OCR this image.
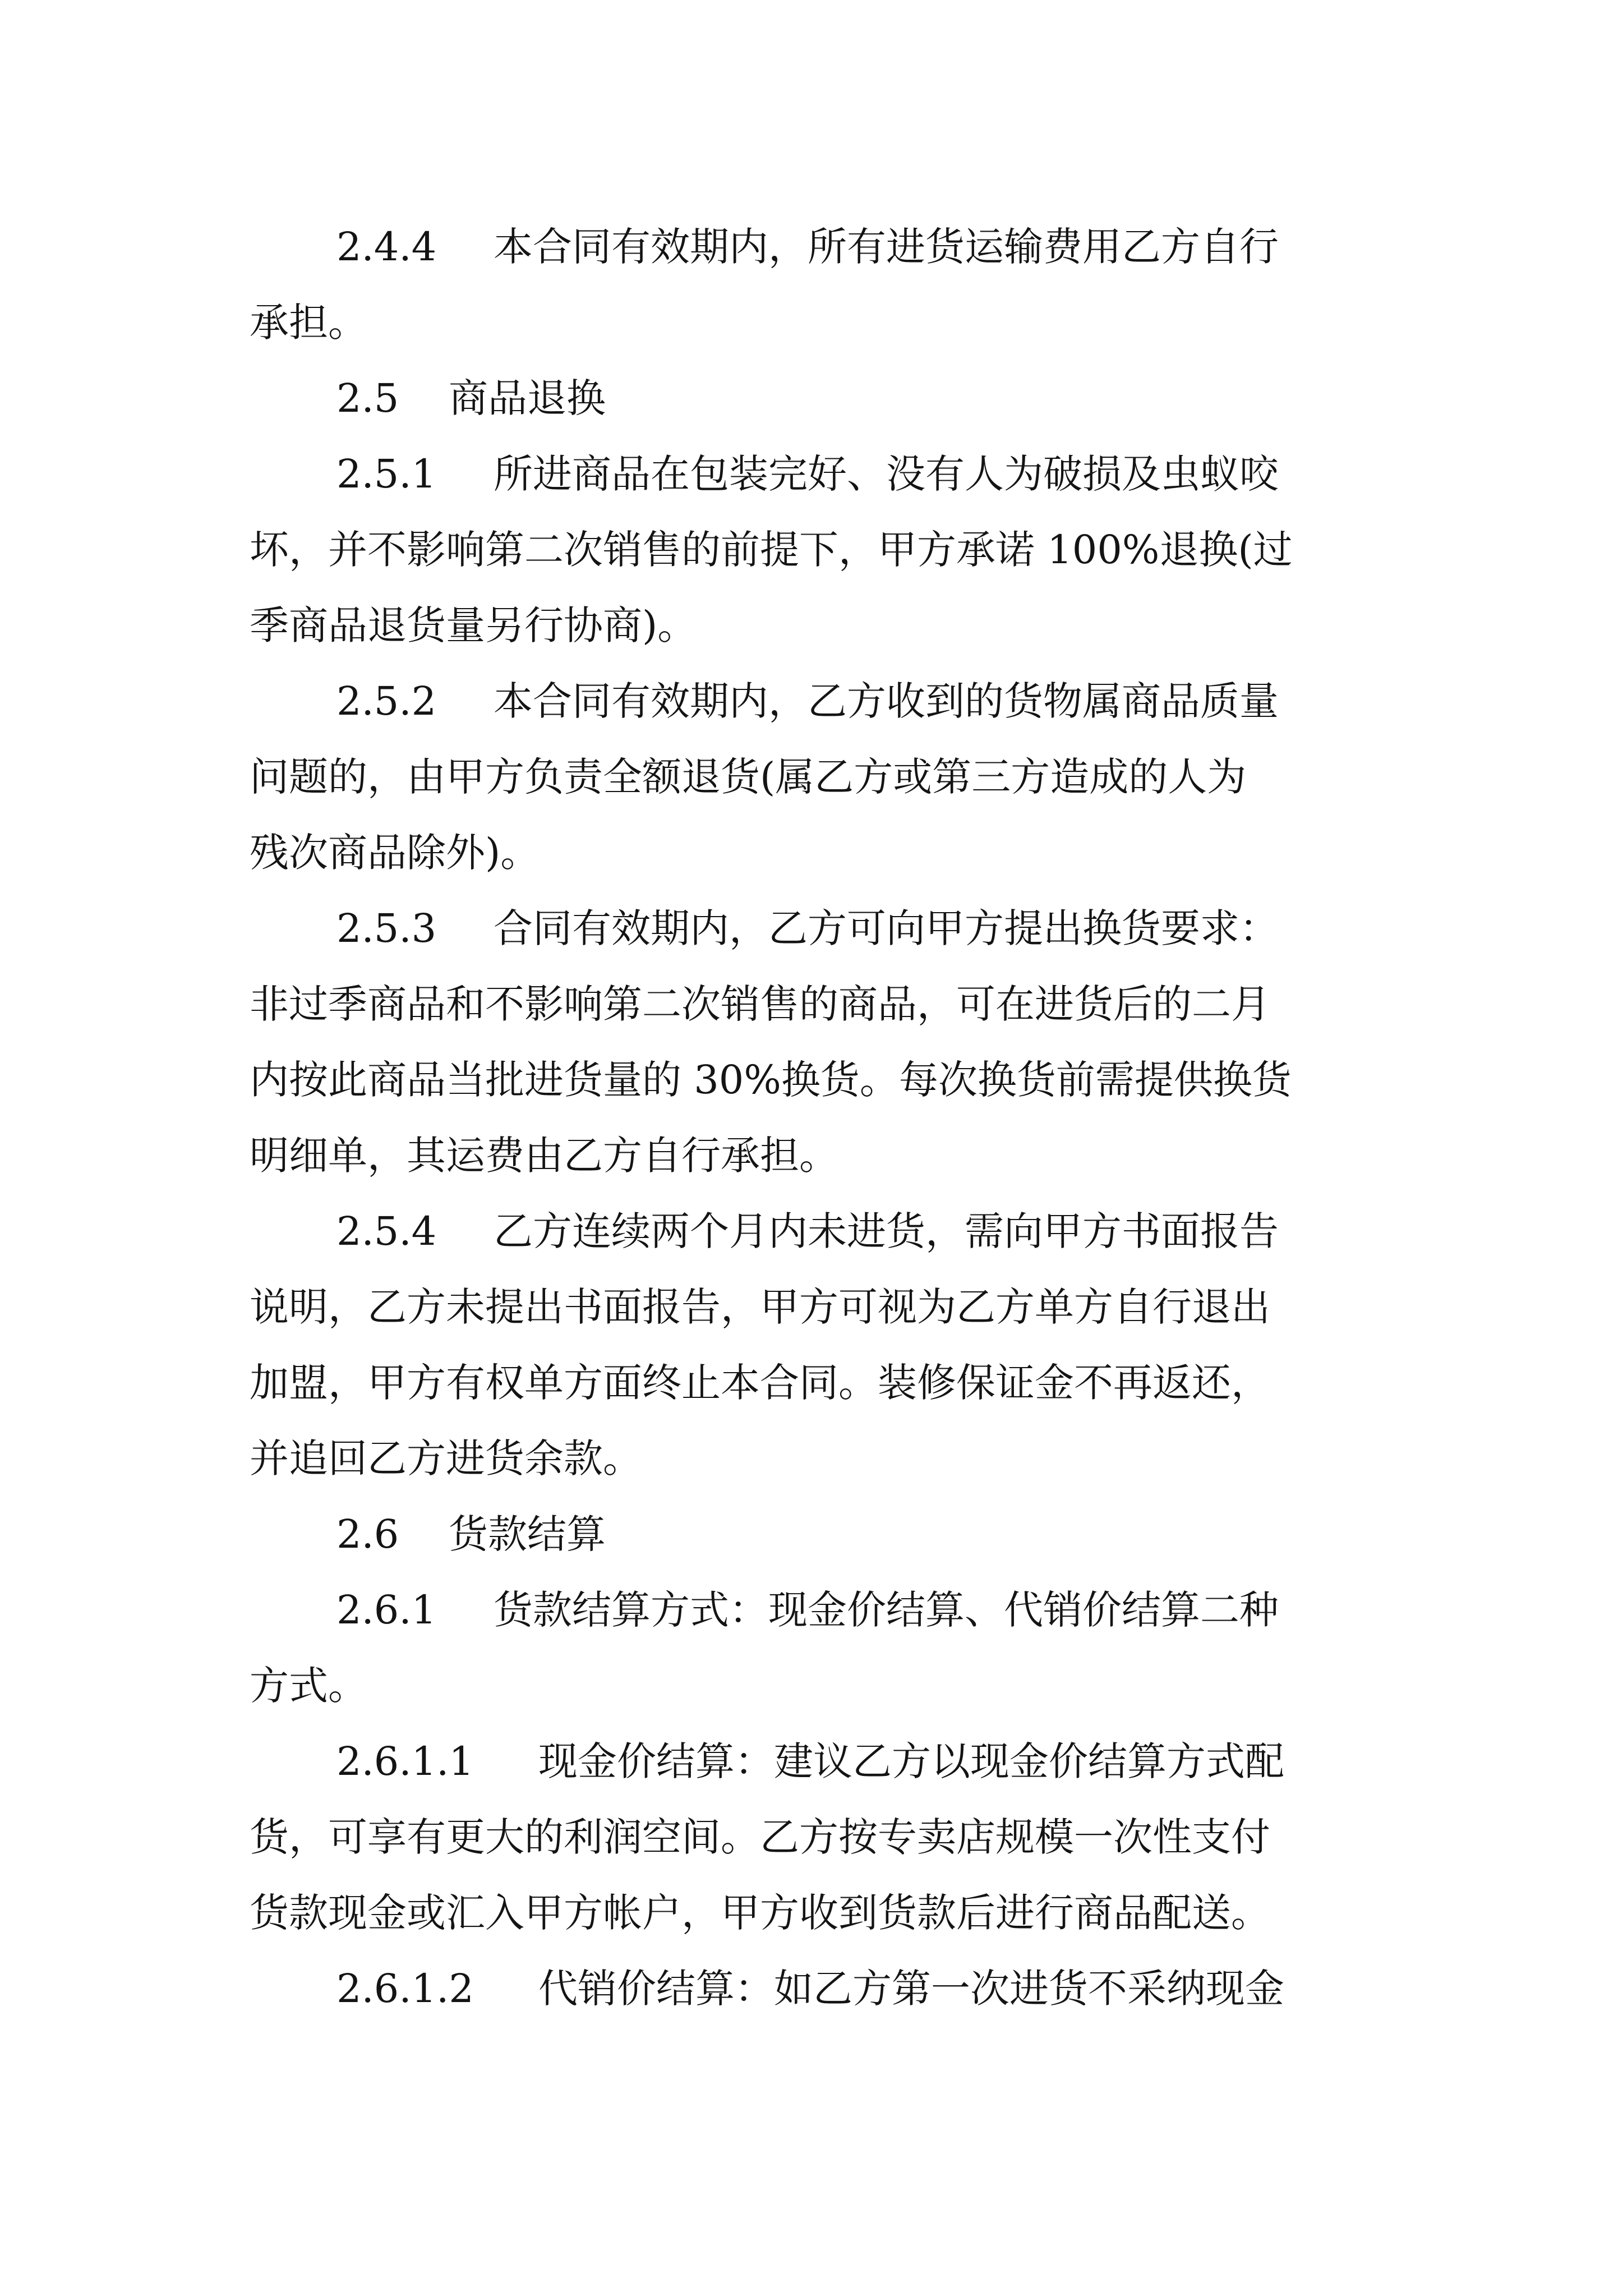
2.4.4 本合同有效期内，所有进货运输费用乙方自行
承担。
2.5 商品退换
2.5.1 所进商品在包装完好、没有人为破损及虫蚁咬
坏，并不影响第二次销售的前提下，甲方承诺 100%退换(过
季商品退货量另行协商)。
2.5.2 本合同有效期内，乙方收到的货物属商品质量
问题的，由甲方负责全额退货(属乙方或第三方造成的人为
残次商品除外)。
2.5.3 合同有效期内，乙方可向甲方提出换货要求：
非过季商品和不影响第二次销售的商品，可在进货后的二月
内按此商品当批进货量的 30%换货。每次换货前需提供换货
明细单，其运费由乙方自行承担。
2.5.4 乙方连续两个月内未进货，需向甲方书面报告
说明，乙方未提出书面报告，甲方可视为乙方单方自行退出
加盟，甲方有权单方面终止本合同。装修保证金不再返还，
并追回乙方进货余款。
2.6 货款结算
2.6.1 货款结算方式：现金价结算、代销价结算二种
方式。
2.6.1.1 现金价结算：建议乙方以现金价结算方式配
货，可享有更大的利润空间。乙方按专卖店规模一次性支付
货款现金或汇入甲方帐户，甲方收到货款后进行商品配送。
2.6.1.2 代销价结算：如乙方第一次进货不采纳现金
